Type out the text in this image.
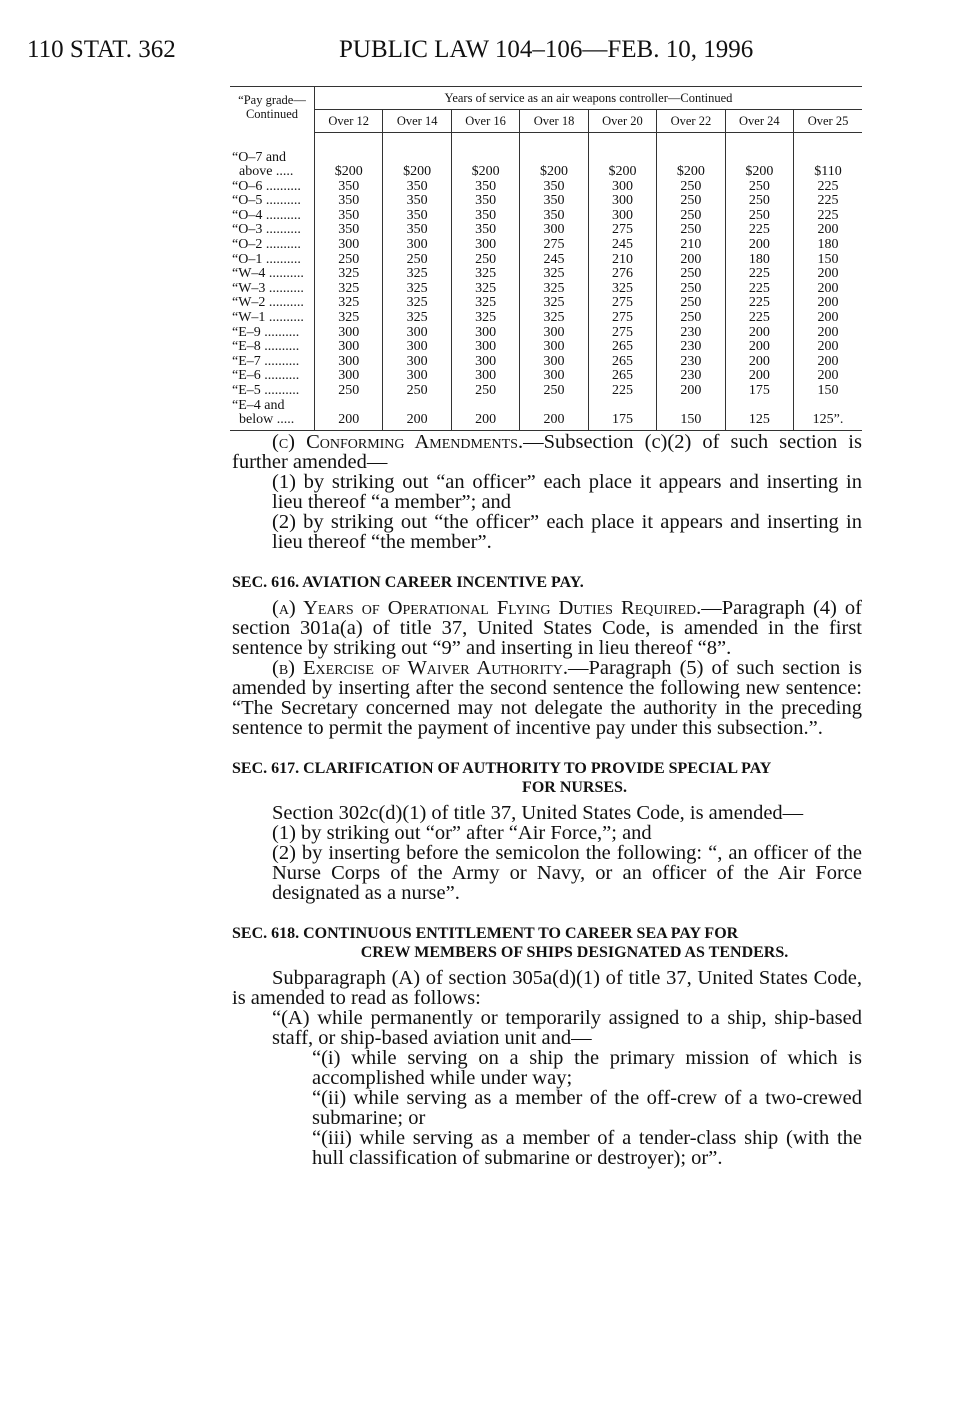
110 STAT. 362	PUBLIC LAW 104–106—FEB. 10, 1996
“Pay grade—Continued	Years of service as an air weapons controller—Continued							
	Over 12	Over 14	Over 16	Over 18	Over 20	Over 22	Over 24	Over 25

“O–7 and
above .....	$200	$200	$200	$200	$200	$200	$200	$110

“O–6 ..........	350	350	350	350	300	250	250	225

“O–5 ..........	350	350	350	350	300	250	250	225

“O–4 ..........	350	350	350	350	300	250	250	225

“O–3 ..........	350	350	350	300	275	250	225	200

“O–2 ..........	300	300	300	275	245	210	200	180

“O–1 ..........	250	250	250	245	210	200	180	150

“W–4 ..........	325	325	325	325	276	250	225	200

“W–3 ..........	325	325	325	325	325	250	225	200

“W–2 ..........	325	325	325	325	275	250	225	200

“W–1 ..........	325	325	325	325	275	250	225	200

“E–9 ..........	300	300	300	300	275	230	200	200

“E–8 ..........	300	300	300	300	265	230	200	200

“E–7 ..........	300	300	300	300	265	230	200	200

“E–6 ..........	300	300	300	300	265	230	200	200

“E–5 ..........	250	250	250	250	225	200	175	150

“E–4 and
below .....	200	200	200	200	175	150	125	125”.

(c) Conforming Amendments.—Subsection (c)(2) of such section is further amended—

(1) by striking out “an officer” each place it appears and inserting in lieu thereof “a member”; and

(2) by striking out “the officer” each place it appears and inserting in lieu thereof “the member”.

SEC. 616. AVIATION CAREER INCENTIVE PAY.

(a) Years of Operational Flying Duties Required.—Paragraph (4) of section 301a(a) of title 37, United States Code, is amended in the first sentence by striking out “9” and inserting in lieu thereof “8”.

(b) Exercise of Waiver Authority.—Paragraph (5) of such section is amended by inserting after the second sentence the following new sentence: “The Secretary concerned may not delegate the authority in the preceding sentence to permit the payment of incentive pay under this subsection.”.

SEC. 617. CLARIFICATION OF AUTHORITY TO PROVIDE SPECIAL PAY
FOR NURSES.

Section 302c(d)(1) of title 37, United States Code, is amended—

(1) by striking out “or” after “Air Force,”; and

(2) by inserting before the semicolon the following: “, an officer of the Nurse Corps of the Army or Navy, or an officer of the Air Force designated as a nurse”.

SEC. 618. CONTINUOUS ENTITLEMENT TO CAREER SEA PAY FOR
CREW MEMBERS OF SHIPS DESIGNATED AS TENDERS.

Subparagraph (A) of section 305a(d)(1) of title 37, United States Code, is amended to read as follows:

“(A) while permanently or temporarily assigned to a ship, ship-based staff, or ship-based aviation unit and—

“(i) while serving on a ship the primary mission of which is accomplished while under way;

“(ii) while serving as a member of the off-crew of a two-crewed submarine; or

“(iii) while serving as a member of a tender-class ship (with the hull classification of submarine or destroyer); or”.
